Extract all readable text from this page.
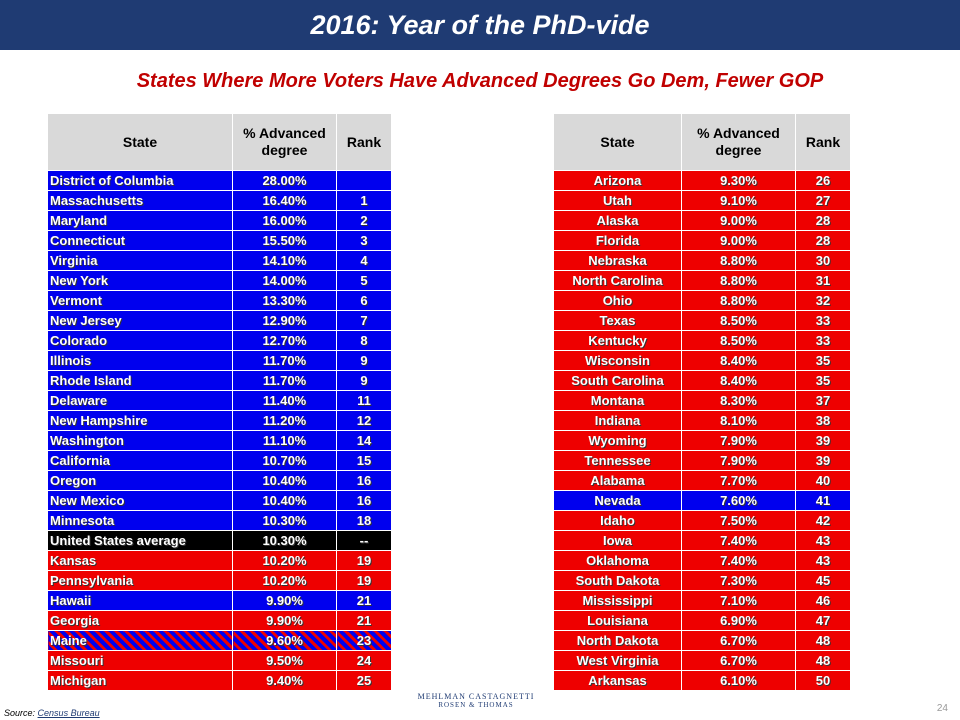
2016: Year of the PhD-vide
States Where More Voters Have Advanced Degrees Go Dem, Fewer GOP
State	% Advanced degree	Rank
District of Columbia	28.00%	
Massachusetts	16.40%	1
Maryland	16.00%	2
Connecticut	15.50%	3
Virginia	14.10%	4
New York	14.00%	5
Vermont	13.30%	6
New Jersey	12.90%	7
Colorado	12.70%	8
Illinois	11.70%	9
Rhode Island	11.70%	9
Delaware	11.40%	11
New Hampshire	11.20%	12
Washington	11.10%	14
California	10.70%	15
Oregon	10.40%	16
New Mexico	10.40%	16
Minnesota	10.30%	18
United States average	10.30%	--
Kansas	10.20%	19
Pennsylvania	10.20%	19
Hawaii	9.90%	21
Georgia	9.90%	21
Maine	9.60%	23
Missouri	9.50%	24
Michigan	9.40%	25
State	% Advanced degree	Rank
Arizona	9.30%	26
Utah	9.10%	27
Alaska	9.00%	28
Florida	9.00%	28
Nebraska	8.80%	30
North Carolina	8.80%	31
Ohio	8.80%	32
Texas	8.50%	33
Kentucky	8.50%	33
Wisconsin	8.40%	35
South Carolina	8.40%	35
Montana	8.30%	37
Indiana	8.10%	38
Wyoming	7.90%	39
Tennessee	7.90%	39
Alabama	7.70%	40
Nevada	7.60%	41
Idaho	7.50%	42
Iowa	7.40%	43
Oklahoma	7.40%	43
South Dakota	7.30%	45
Mississippi	7.10%	46
Louisiana	6.90%	47
North Dakota	6.70%	48
West Virginia	6.70%	48
Arkansas	6.10%	50
Source: Census Bureau
MEHLMAN CASTAGNETTI
ROSEN & THOMAS	24
